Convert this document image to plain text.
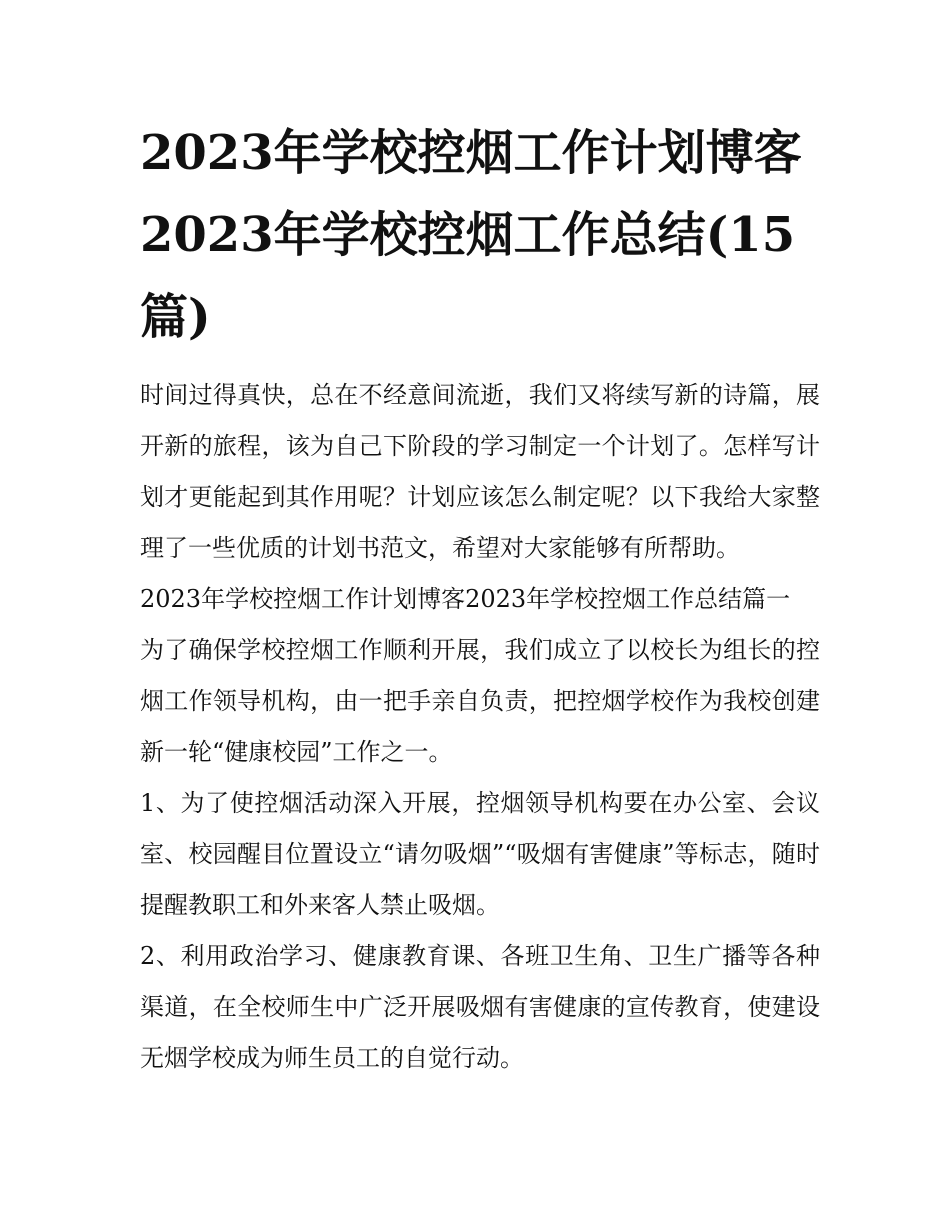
2023年学校控烟工作计划博客2023年学校控烟工作总结(15篇)

时间过得真快，总在不经意间流逝，我们又将续写新的诗篇，展开新的旅程，该为自己下阶段的学习制定一个计划了。怎样写计划才更能起到其作用呢？计划应该怎么制定呢？以下我给大家整理了一些优质的计划书范文，希望对大家能够有所帮助。

2023年学校控烟工作计划博客2023年学校控烟工作总结篇一

为了确保学校控烟工作顺利开展，我们成立了以校长为组长的控烟工作领导机构，由一把手亲自负责，把控烟学校作为我校创建新一轮“健康校园”工作之一。

1、为了使控烟活动深入开展，控烟领导机构要在办公室、会议室、校园醒目位置设立“请勿吸烟”“吸烟有害健康”等标志，随时提醒教职工和外来客人禁止吸烟。

2、利用政治学习、健康教育课、各班卫生角、卫生广播等各种渠道，在全校师生中广泛开展吸烟有害健康的宣传教育，使建设无烟学校成为师生员工的自觉行动。
